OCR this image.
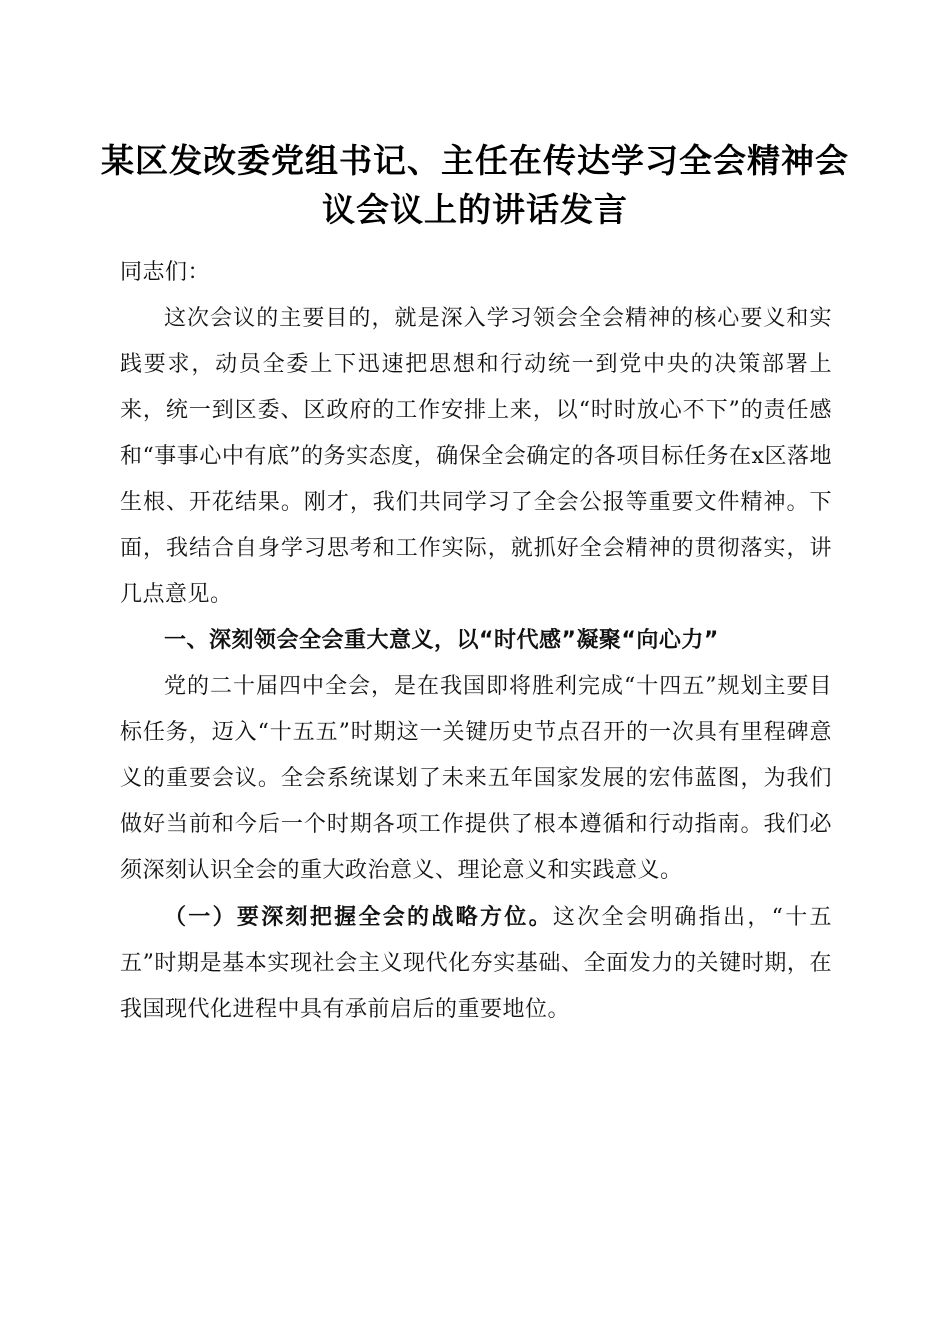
某区发改委党组书记、主任在传达学习全会精神会议会议上的讲话发言

同志们：

这次会议的主要目的，就是深入学习领会全会精神的核心要义和实践要求，动员全委上下迅速把思想和行动统一到党中央的决策部署上来，统一到区委、区政府的工作安排上来，以“时时放心不下”的责任感和“事事心中有底”的务实态度，确保全会确定的各项目标任务在x区落地生根、开花结果。刚才，我们共同学习了全会公报等重要文件精神。下面，我结合自身学习思考和工作实际，就抓好全会精神的贯彻落实，讲几点意见。

一、深刻领会全会重大意义，以“时代感”凝聚“向心力”

党的二十届四中全会，是在我国即将胜利完成“十四五”规划主要目标任务，迈入“十五五”时期这一关键历史节点召开的一次具有里程碑意义的重要会议。全会系统谋划了未来五年国家发展的宏伟蓝图，为我们做好当前和今后一个时期各项工作提供了根本遵循和行动指南。我们必须深刻认识全会的重大政治意义、理论意义和实践意义。

（一）要深刻把握全会的战略方位。这次全会明确指出，“十五五”时期是基本实现社会主义现代化夯实基础、全面发力的关键时期，在我国现代化进程中具有承前启后的重要地位。
